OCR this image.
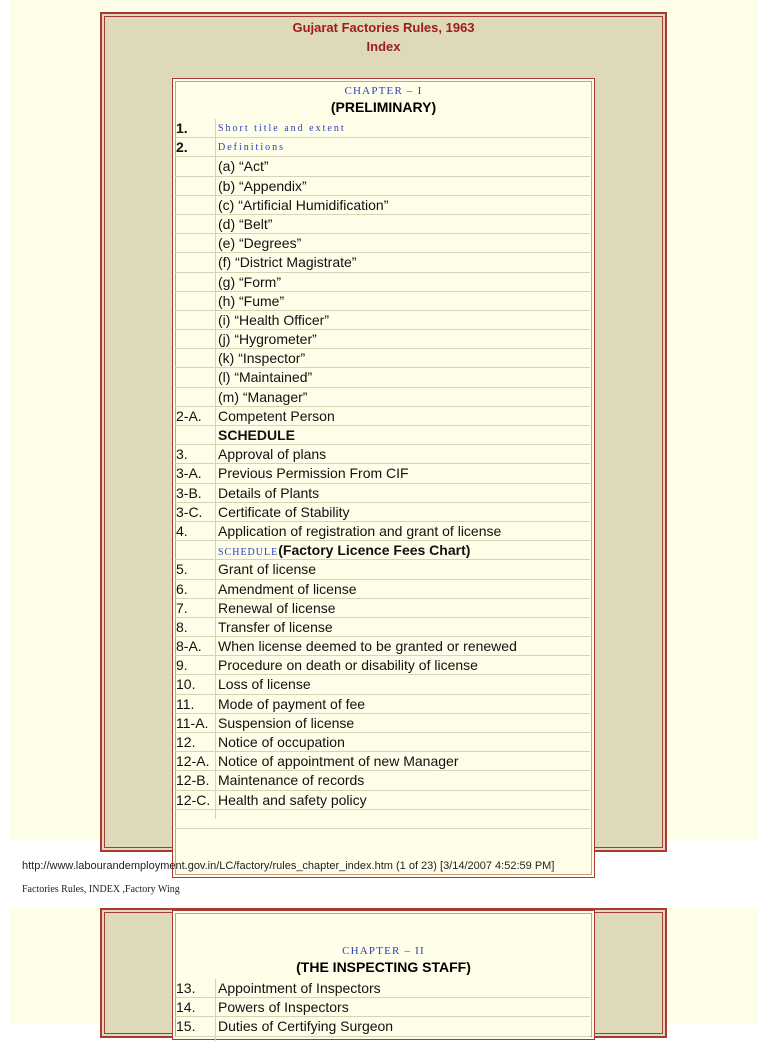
Gujarat Factories Rules, 1963
Index
CHAPTER – I
(PRELIMINARY)
1.	Short title and extent
2.	Definitions
(a) “Act”
(b) “Appendix”
(c) “Artificial Humidification”
(d) “Belt”
(e) “Degrees”
(f) “District Magistrate”
(g) “Form”
(h) “Fume”
(i) “Health Officer”
(j) “Hygrometer”
(k) “Inspector”
(l) “Maintained”
(m) “Manager”
2-A.	Competent Person
SCHEDULE
3.	Approval of plans
3-A.	Previous Permission From CIF
3-B.	Details of Plants
3-C.	Certificate of Stability
4.	Application of registration and grant of license
SCHEDULE(Factory Licence Fees Chart)
5.	Grant of license
6.	Amendment of license
7.	Renewal of license
8.	Transfer of license
8-A.	When license deemed to be granted or renewed
9.	Procedure on death or disability of license
10.	Loss of license
11.	Mode of payment of fee
11-A. Suspension of license
12.	Notice of occupation
12-A. Notice of appointment of new Manager
12-B. Maintenance of records
12-C. Health and safety policy
http://www.labourandemployment.gov.in/LC/factory/rules_chapter_index.htm (1 of 23) [3/14/2007 4:52:59 PM]
Factories Rules, INDEX ,Factory Wing
CHAPTER – II
(THE INSPECTING STAFF)
13.	Appointment of Inspectors
14.	Powers of Inspectors
15.	Duties of Certifying Surgeon
